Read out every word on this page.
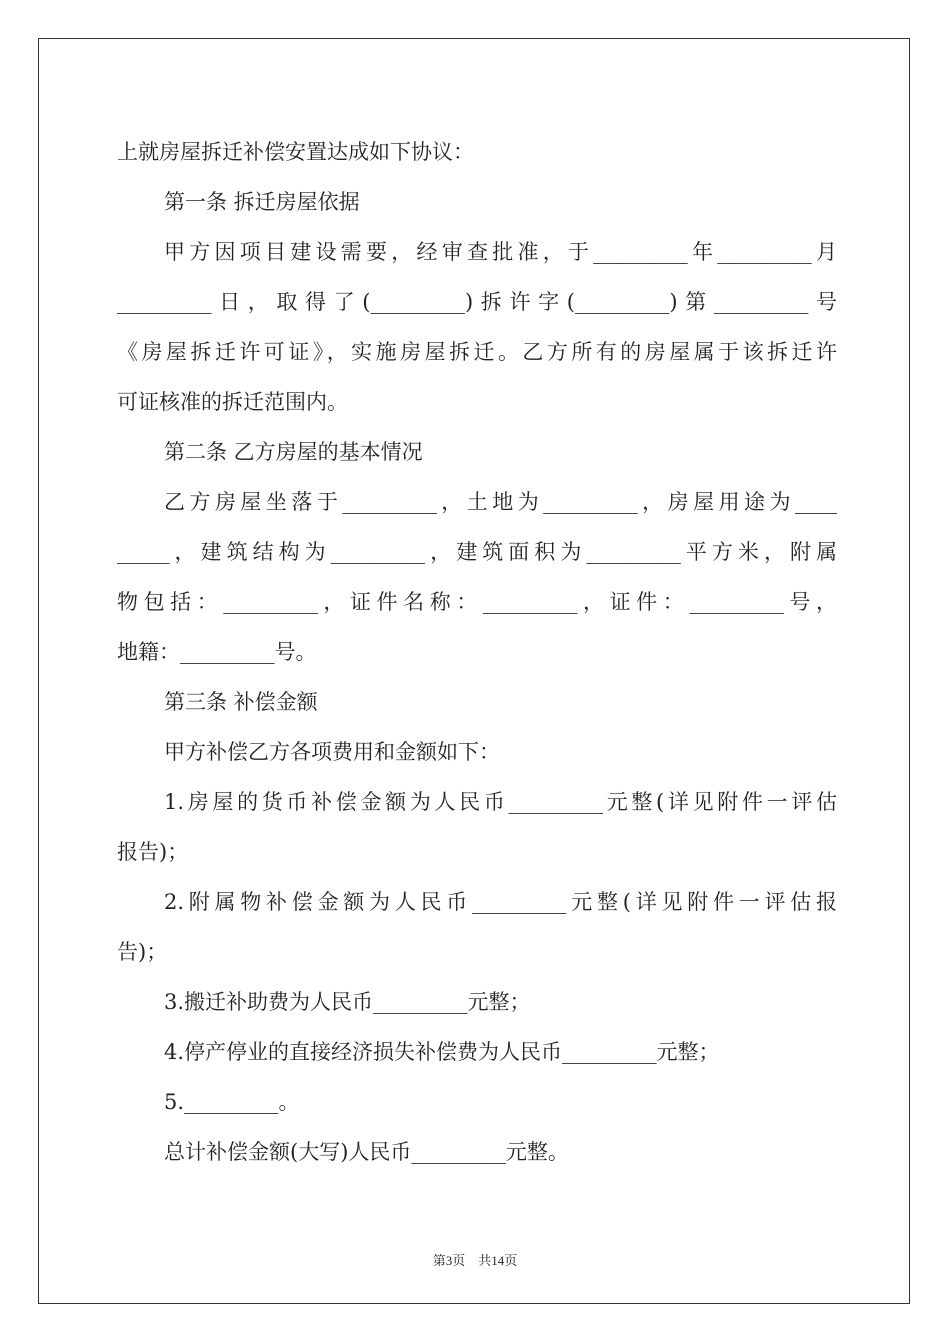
上就房屋拆迁补偿安置达成如下协议：
第一条 拆迁房屋依据
甲方因项目建设需要，经审查批准，于_________年_________月
_________日，取得了(_________)拆许字(_________)第_________号
《房屋拆迁许可证》，实施房屋拆迁。乙方所有的房屋属于该拆迁许
可证核准的拆迁范围内。
第二条 乙方房屋的基本情况
乙方房屋坐落于_________，土地为_________，房屋用途为____
_____，建筑结构为_________，建筑面积为_________平方米，附属
物包括：_________，证件名称：_________，证件：_________号，
地籍：_________号。
第三条 补偿金额
甲方补偿乙方各项费用和金额如下：
1.房屋的货币补偿金额为人民币_________元整(详见附件一评估
报告)；
2.附属物补偿金额为人民币_________元整(详见附件一评估报
告)；
3.搬迁补助费为人民币_________元整；
4.停产停业的直接经济损失补偿费为人民币_________元整；
5._________。
总计补偿金额(大写)人民币_________元整。
第3页　共14页
